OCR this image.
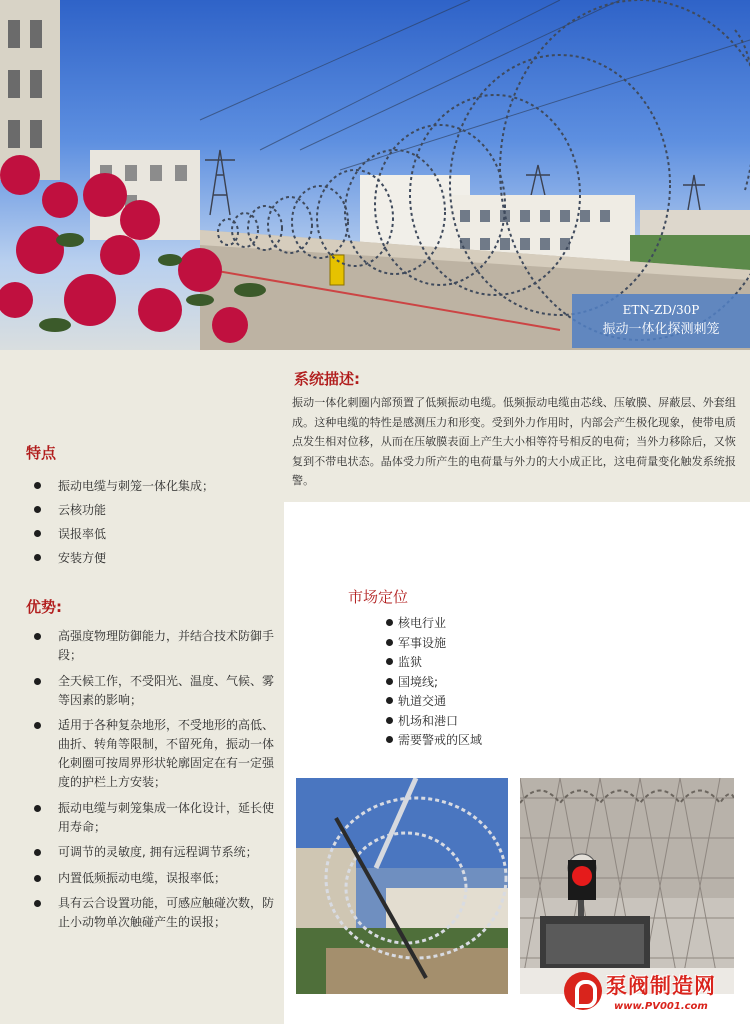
ETN-ZD/30P
振动一体化探测刺笼
特点
振动电缆与刺笼一体化集成；
云核功能
误报率低
安装方便
优势:
高强度物理防御能力，并结合技术防御手段；
全天候工作，不受阳光、温度、气候、雾等因素的影响；
适用于各种复杂地形，不受地形的高低、曲折、转角等限制，不留死角，振动一体化刺圈可按周界形状轮廓固定在有一定强度的护栏上方安装；
振动电缆与刺笼集成一体化设计，延长使用寿命；
可调节的灵敏度, 拥有远程调节系统；
内置低频振动电缆，误报率低；
具有云合设置功能，可感应触碰次数，防止小动物单次触碰产生的误报；
系统描述:
振动一体化刺圈内部预置了低频振动电缆。低频振动电缆由芯线、压敏膜、屏蔽层、外套组成。这种电缆的特性是感测压力和形变。受到外力作用时，内部会产生极化现象，使带电质点发生相对位移，从而在压敏膜表面上产生大小相等符号相反的电荷；当外力移除后，又恢复到不带电状态。晶体受力所产生的电荷量与外力的大小成正比，这电荷量变化触发系统报警。
市场定位
核电行业
军事设施
监狱
国境线;
轨道交通
机场和港口
需要警戒的区域
泵阀制造网
www.PV001.com
